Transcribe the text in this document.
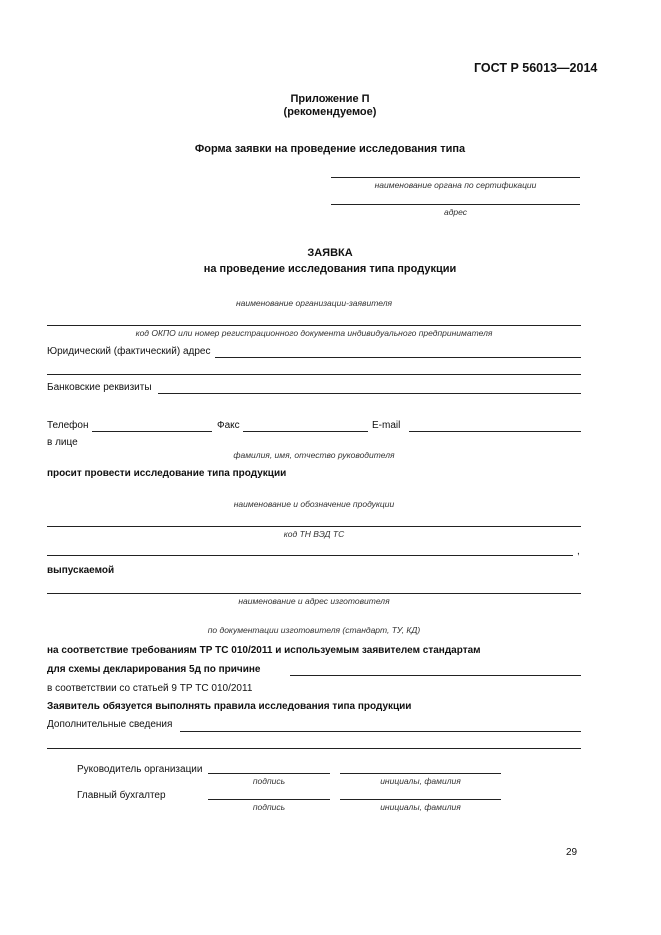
ГОСТ Р 56013—2014
Приложение П
(рекомендуемое)
Форма заявки на проведение исследования типа
наименование органа по сертификации
адрес
ЗАЯВКА
на проведение исследования типа продукции
наименование организации-заявителя
код ОКПО или номер регистрационного документа индивидуального предпринимателя
Юридический (фактический) адрес
Банковские реквизиты
Телефон	Факс	E-mail
в лице
фамилия, имя, отчество руководителя
просит провести исследование типа продукции
наименование и обозначение продукции
код ТН ВЭД ТС
,
выпускаемой
наименование и адрес изготовителя
по документации изготовителя (стандарт, ТУ, КД)
на соответствие требованиям ТР ТС 010/2011 и используемым заявителем стандартам
для схемы декларирования 5д по причине
в соответствии со статьей 9 ТР ТС 010/2011
Заявитель обязуется выполнять правила исследования типа продукции
Дополнительные сведения
Руководитель организации
подпись	инициалы, фамилия
Главный бухгалтер
подпись	инициалы, фамилия
29
